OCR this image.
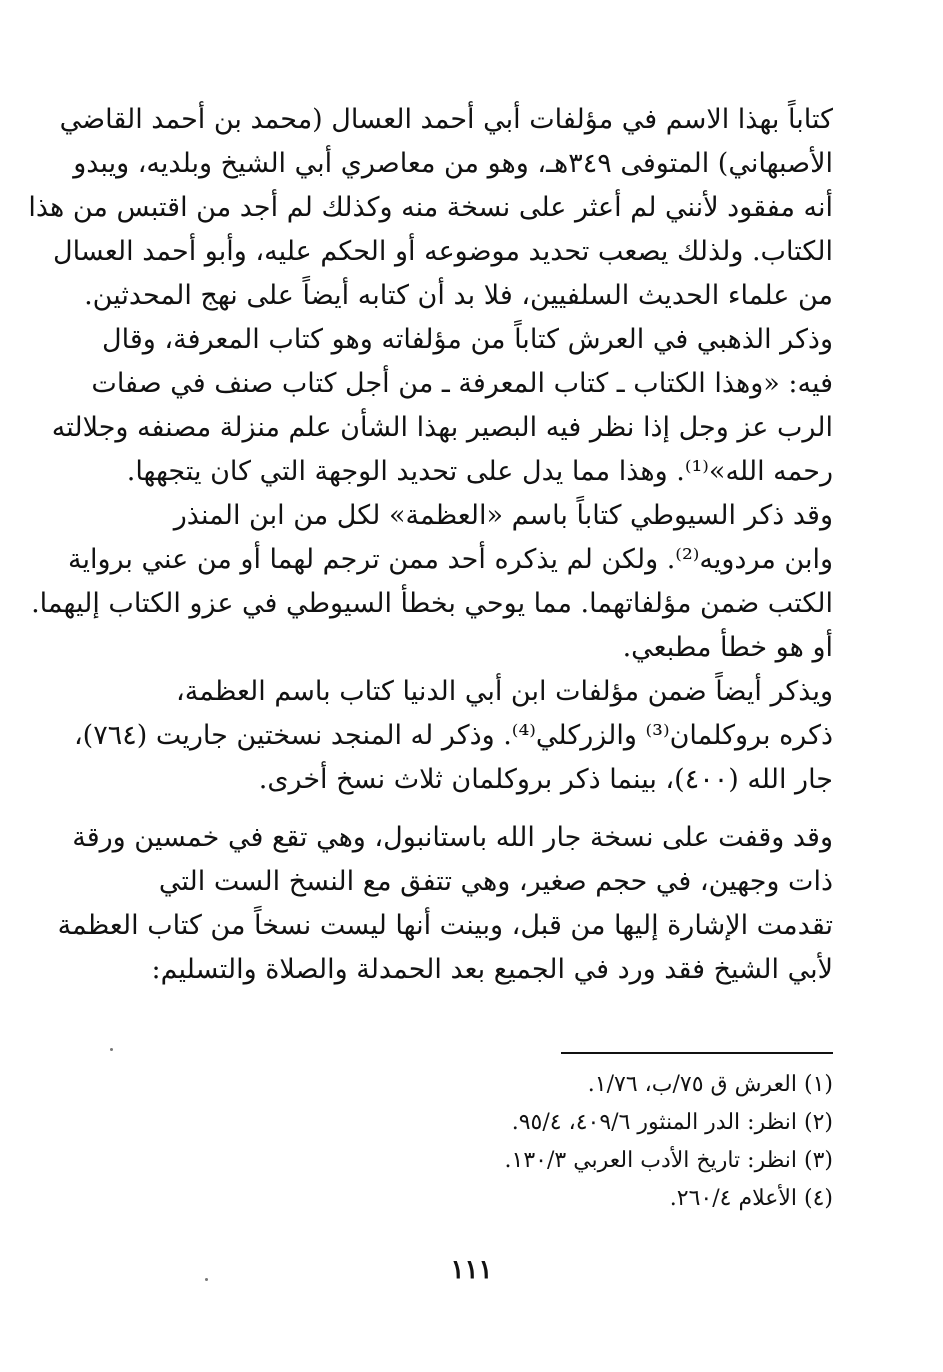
كتاباً بهذا الاسم في مؤلفات أبي أحمد العسال (محمد بن أحمد القاضي
الأصبهاني) المتوفى ٣٤٩هـ، وهو من معاصري أبي الشيخ وبلديه، ويبدو
أنه مفقود لأنني لم أعثر على نسخة منه وكذلك لم أجد من اقتبس من هذا
الكتاب. ولذلك يصعب تحديد موضوعه أو الحكم عليه، وأبو أحمد العسال
من علماء الحديث السلفيين، فلا بد أن كتابه أيضاً على نهج المحدثين.
وذكر الذهبي في العرش كتاباً من مؤلفاته وهو كتاب المعرفة، وقال
فيه: «وهذا الكتاب ـ كتاب المعرفة ـ من أجل كتاب صنف في صفات
الرب عز وجل إذا نظر فيه البصير بهذا الشأن علم منزلة مصنفه وجلالته
رحمه الله»⁽¹⁾. وهذا مما يدل على تحديد الوجهة التي كان يتجهها.
وقد ذكر السيوطي كتاباً باسم «العظمة» لكل من ابن المنذر
وابن مردويه⁽²⁾. ولكن لم يذكره أحد ممن ترجم لهما أو من عني برواية
الكتب ضمن مؤلفاتهما. مما يوحي بخطأ السيوطي في عزو الكتاب إليهما.
أو هو خطأ مطبعي.
ويذكر أيضاً ضمن مؤلفات ابن أبي الدنيا كتاب باسم العظمة،
ذكره بروكلمان⁽³⁾ والزركلي⁽⁴⁾. وذكر له المنجد نسختين جاريت (٧٦٤)،
جار الله (٤٠٠)، بينما ذكر بروكلمان ثلاث نسخ أخرى.
وقد وقفت على نسخة جار الله باستانبول، وهي تقع في خمسين ورقة
ذات وجهين، في حجم صغير، وهي تتفق مع النسخ الست التي
تقدمت الإشارة إليها من قبل، وبينت أنها ليست نسخاً من كتاب العظمة
لأبي الشيخ فقد ورد في الجميع بعد الحمدلة والصلاة والتسليم:
(١) العرش ق ٧٥/ب، ١/٧٦.
(٢) انظر: الدر المنثور ٤٠٩/٦، ٩٥/٤.
(٣) انظر: تاريخ الأدب العربي ١٣٠/٣.
(٤) الأعلام ٢٦٠/٤.
١١١
